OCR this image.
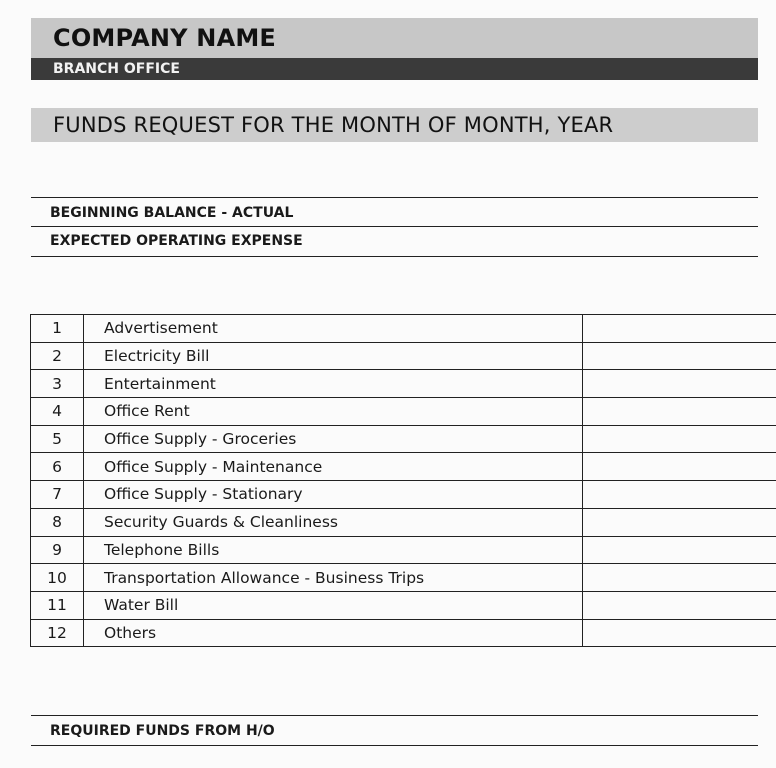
COMPANY NAME
BRANCH OFFICE
FUNDS REQUEST FOR THE MONTH OF MONTH, YEAR
BEGINNING BALANCE - ACTUAL
EXPECTED OPERATING EXPENSE
1	Advertisement	
2	Electricity Bill	
3	Entertainment	
4	Office Rent	
5	Office Supply - Groceries	
6	Office Supply - Maintenance	
7	Office Supply - Stationary	
8	Security Guards & Cleanliness	
9	Telephone Bills	
10	Transportation Allowance - Business Trips	
11	Water Bill	
12	Others	
REQUIRED FUNDS FROM H/O
